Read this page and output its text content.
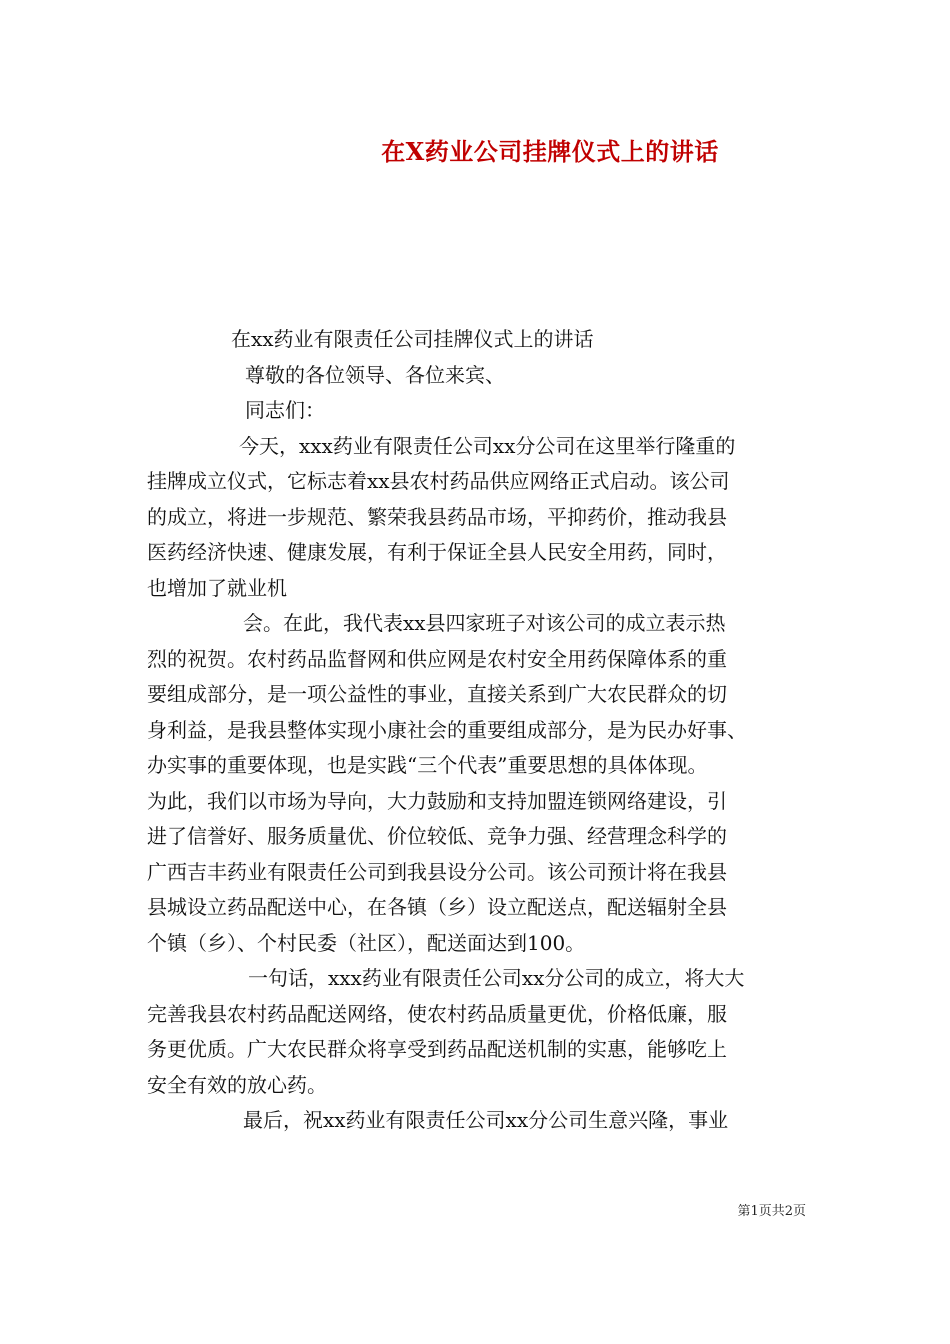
在X药业公司挂牌仪式上的讲话
在xx药业有限责任公司挂牌仪式上的讲话
尊敬的各位领导、各位来宾、
同志们：
今天，xxx药业有限责任公司xx分公司在这里举行隆重的
挂牌成立仪式，它标志着xx县农村药品供应网络正式启动。该公司
的成立，将进一步规范、繁荣我县药品市场，平抑药价，推动我县
医药经济快速、健康发展，有利于保证全县人民安全用药，同时，
也增加了就业机
会。在此，我代表xx县四家班子对该公司的成立表示热
烈的祝贺。农村药品监督网和供应网是农村安全用药保障体系的重
要组成部分，是一项公益性的事业，直接关系到广大农民群众的切
身利益，是我县整体实现小康社会的重要组成部分，是为民办好事、
办实事的重要体现，也是实践“三个代表”重要思想的具体体现。
为此，我们以市场为导向，大力鼓励和支持加盟连锁网络建设，引
进了信誉好、服务质量优、价位较低、竞争力强、经营理念科学的
广西吉丰药业有限责任公司到我县设分公司。该公司预计将在我县
县城设立药品配送中心，在各镇（乡）设立配送点，配送辐射全县
个镇（乡）、个村民委（社区），配送面达到100。
一句话，xxx药业有限责任公司xx分公司的成立，将大大
完善我县农村药品配送网络，使农村药品质量更优，价格低廉，服
务更优质。广大农民群众将享受到药品配送机制的实惠，能够吃上
安全有效的放心药。
最后，祝xx药业有限责任公司xx分公司生意兴隆，事业
第1页共2页
